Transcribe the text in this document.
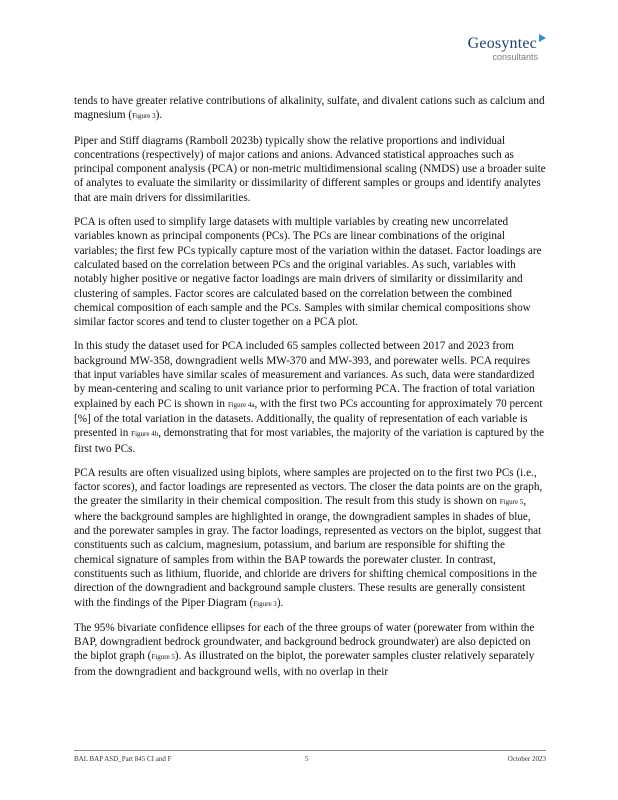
Geosyntec
consultants

tends to have greater relative contributions of alkalinity, sulfate, and divalent cations such as calcium and magnesium (Figure 3).

Piper and Stiff diagrams (Ramboll 2023b) typically show the relative proportions and individual concentrations (respectively) of major cations and anions. Advanced statistical approaches such as principal component analysis (PCA) or non-metric multidimensional scaling (NMDS) use a broader suite of analytes to evaluate the similarity or dissimilarity of different samples or groups and identify analytes that are main drivers for dissimilarities.

PCA is often used to simplify large datasets with multiple variables by creating new uncorrelated variables known as principal components (PCs). The PCs are linear combinations of the original variables; the first few PCs typically capture most of the variation within the dataset. Factor loadings are calculated based on the correlation between PCs and the original variables. As such, variables with notably higher positive or negative factor loadings are main drivers of similarity or dissimilarity and clustering of samples. Factor scores are calculated based on the correlation between the combined chemical composition of each sample and the PCs. Samples with similar chemical compositions show similar factor scores and tend to cluster together on a PCA plot.

In this study the dataset used for PCA included 65 samples collected between 2017 and 2023 from background MW-358, downgradient wells MW-370 and MW-393, and porewater wells. PCA requires that input variables have similar scales of measurement and variances. As such, data were standardized by mean-centering and scaling to unit variance prior to performing PCA. The fraction of total variation explained by each PC is shown in Figure 4a, with the first two PCs accounting for approximately 70 percent [%] of the total variation in the datasets. Additionally, the quality of representation of each variable is presented in Figure 4b, demonstrating that for most variables, the majority of the variation is captured by the first two PCs.

PCA results are often visualized using biplots, where samples are projected on to the first two PCs (i.e., factor scores), and factor loadings are represented as vectors. The closer the data points are on the graph, the greater the similarity in their chemical composition. The result from this study is shown on Figure 5, where the background samples are highlighted in orange, the downgradient samples in shades of blue, and the porewater samples in gray. The factor loadings, represented as vectors on the biplot, suggest that constituents such as calcium, magnesium, potassium, and barium are responsible for shifting the chemical signature of samples from within the BAP towards the porewater cluster. In contrast, constituents such as lithium, fluoride, and chloride are drivers for shifting chemical compositions in the direction of the downgradient and background sample clusters. These results are generally consistent with the findings of the Piper Diagram (Figure 3).

The 95% bivariate confidence ellipses for each of the three groups of water (porewater from within the BAP, downgradient bedrock groundwater, and background bedrock groundwater) are also depicted on the biplot graph (Figure 5). As illustrated on the biplot, the porewater samples cluster relatively separately from the downgradient and background wells, with no overlap in their

BAL BAP ASD_Part 845 CI and F	5	October 2023
